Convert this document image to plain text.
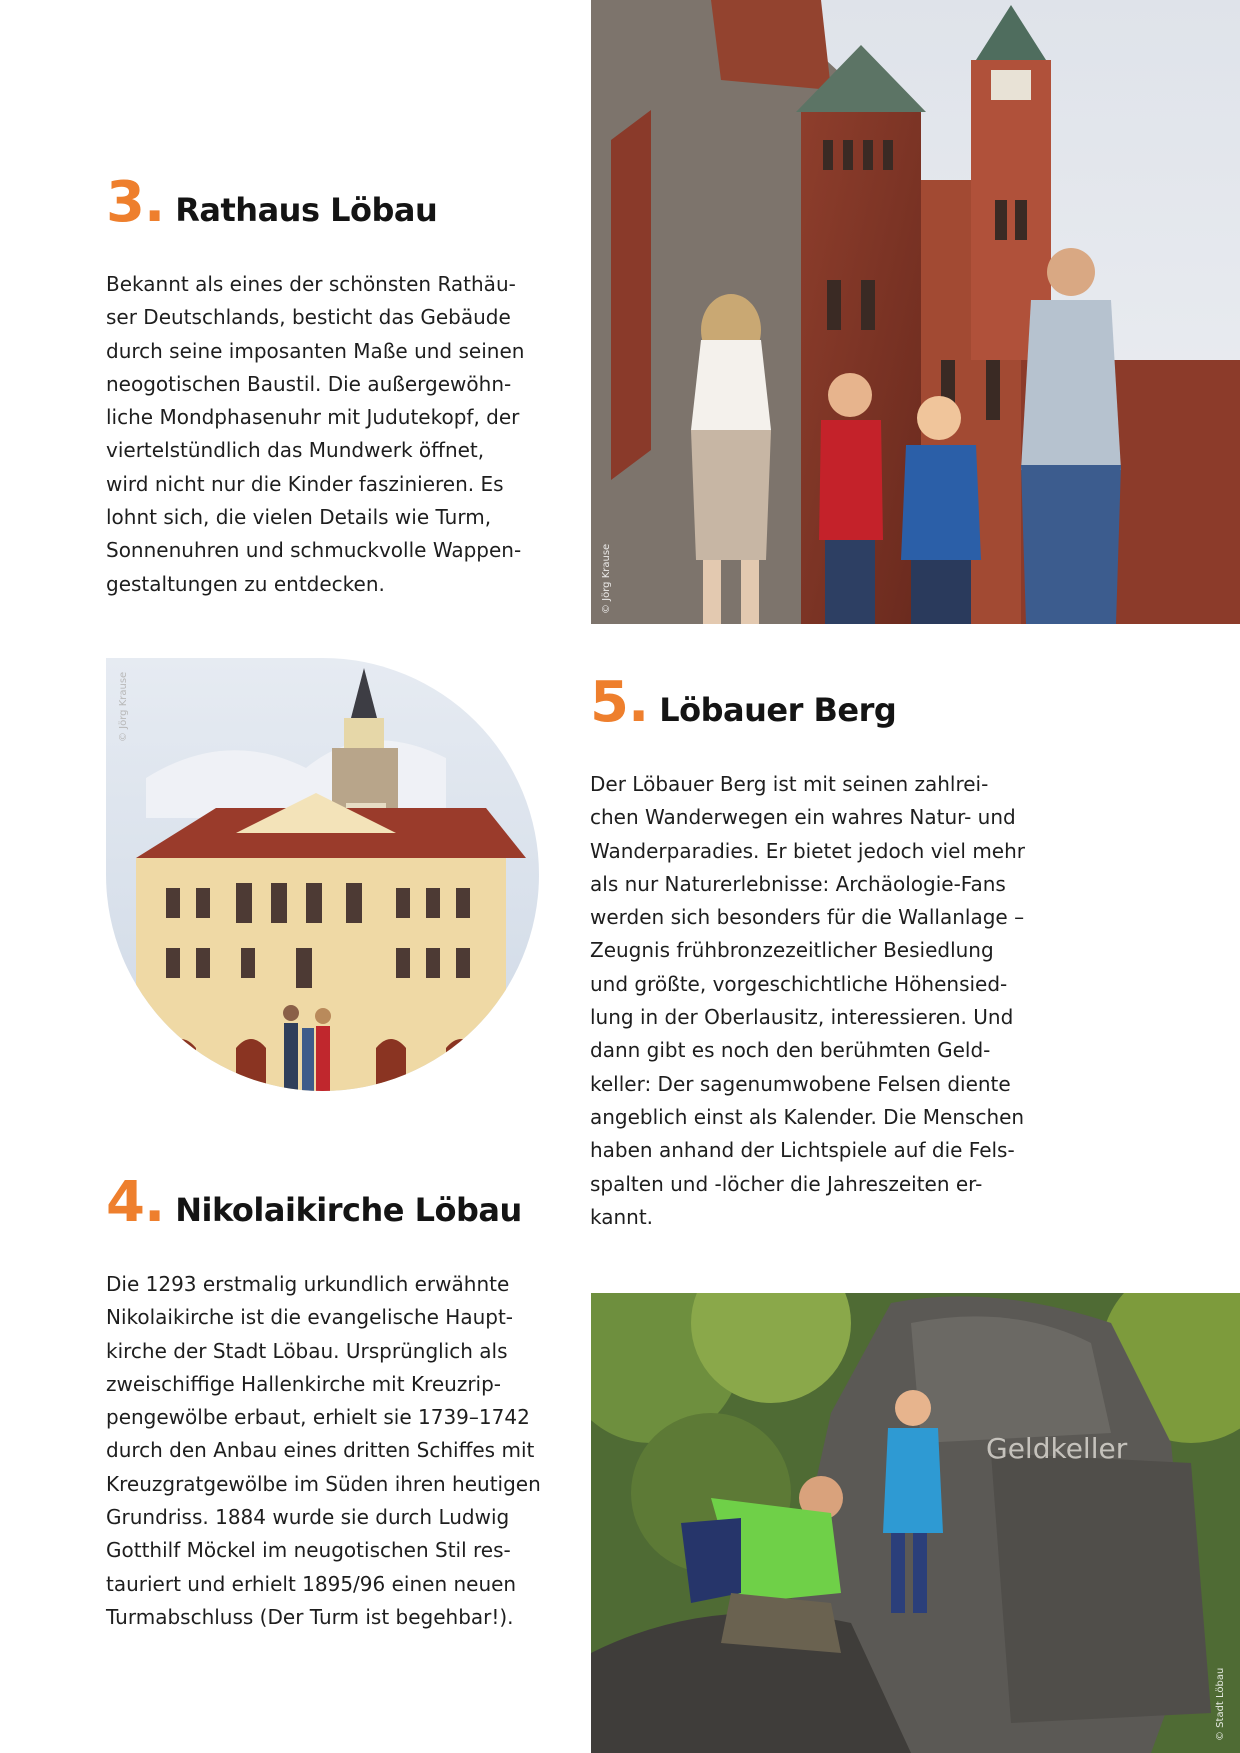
3 . Rathaus Löbau

Bekannt als eines der schönsten Rathäu-
ser Deutschlands, besticht das Gebäude
durch seine imposanten Maße und seinen
neogotischen Baustil. Die außergewöhn-
liche Mondphasenuhr mit Judutekopf, der
viertelstündlich das Mundwerk öffnet,
wird nicht nur die Kinder faszinieren. Es
lohnt sich, die vielen Details wie Turm,
Sonnenuhren und schmuckvolle Wappen-
gestaltungen zu entdecken.

4 . Nikolaikirche Löbau

Die 1293 erstmalig urkundlich erwähnte
Nikolaikirche ist die evangelische Haupt-
kirche der Stadt Löbau. Ursprünglich als
zweischiffige Hallenkirche mit Kreuzrip-
pengewölbe erbaut, erhielt sie 1739–1742
durch den Anbau eines dritten Schiffes mit
Kreuzgratgewölbe im Süden ihren heutigen
Grundriss. 1884 wurde sie durch Ludwig
Gotthilf Möckel im neugotischen Stil res-
tauriert und erhielt 1895/96 einen neuen
Turmabschluss (Der Turm ist begehbar!).

5 . Löbauer Berg

Der Löbauer Berg ist mit seinen zahlrei-
chen Wanderwegen ein wahres Natur- und
Wanderparadies. Er bietet jedoch viel mehr
als nur Naturerlebnisse: Archäologie-Fans
werden sich besonders für die Wallanlage –
Zeugnis frühbronzezeitlicher Besiedlung
und größte, vorgeschichtliche Höhensied-
lung in der Oberlausitz, interessieren. Und
dann gibt es noch den berühmten Geld-
keller: Der sagenumwobene Felsen diente
angeblich einst als Kalender. Die Menschen
haben anhand der Lichtspiele auf die Fels-
spalten und -löcher die Jahreszeiten er-
kannt.

© Jörg Krause
© Jörg Krause
Geldkeller
© Stadt Löbau
